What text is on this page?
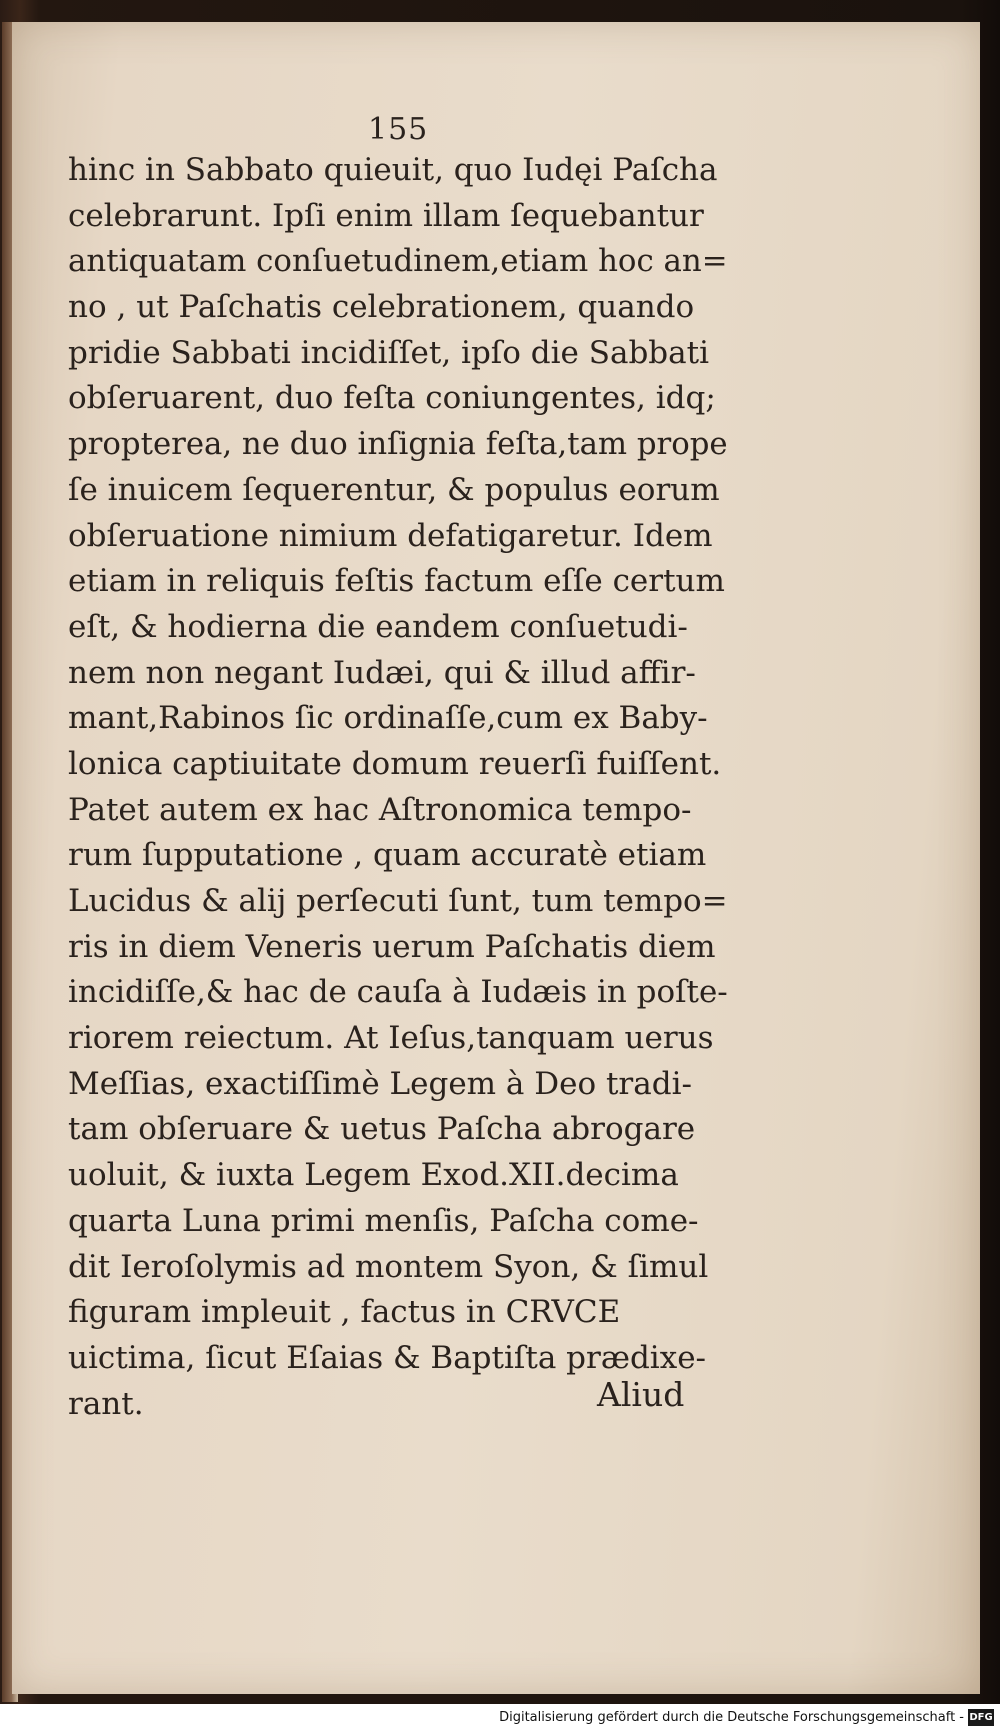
155
hinc in Sabbato quieuit, quo Iudęi Paſcha
celebrarunt. Ipſi enim illam ſequebantur
antiquatam conſuetudinem,etiam hoc an=
no , ut Paſchatis celebrationem, quando
pridie Sabbati incidiſſet, ipſo die Sabbati
obſeruarent, duo feſta coniungentes, idq;
propterea, ne duo inſignia feſta,tam prope
ſe inuicem ſequerentur, & populus eorum
obſeruatione nimium defatigaretur. Idem
etiam in reliquis feſtis factum eſſe certum
eſt, & hodierna die eandem conſuetudi-
nem non negant Iudæi, qui & illud affir-
mant,Rabinos ſic ordinaſſe,cum ex Baby-
lonica captiuitate domum reuerſi fuiſſent.
Patet autem ex hac Aſtronomica tempo-
rum ſupputatione , quam accuratè etiam
Lucidus & alij perſecuti ſunt, tum tempo=
ris in diem Veneris uerum Paſchatis diem
incidiſſe,& hac de cauſa à Iudæis in poſte-
riorem reiectum. At Ieſus,tanquam uerus
Meſſias, exactiſſimè Legem à Deo tradi-
tam obſeruare & uetus Paſcha abrogare
uoluit, & iuxta Legem Exod.XII.decima
quarta Luna primi menſis, Paſcha come-
dit Ieroſolymis ad montem Syon, & ſimul
figuram impleuit , factus in CRVCE
uictima, ſicut Eſaias & Baptiſta prædixe-
rant.	Aliud
Digitalisierung gefördert durch die Deutsche Forschungsgemeinschaft - DFG
